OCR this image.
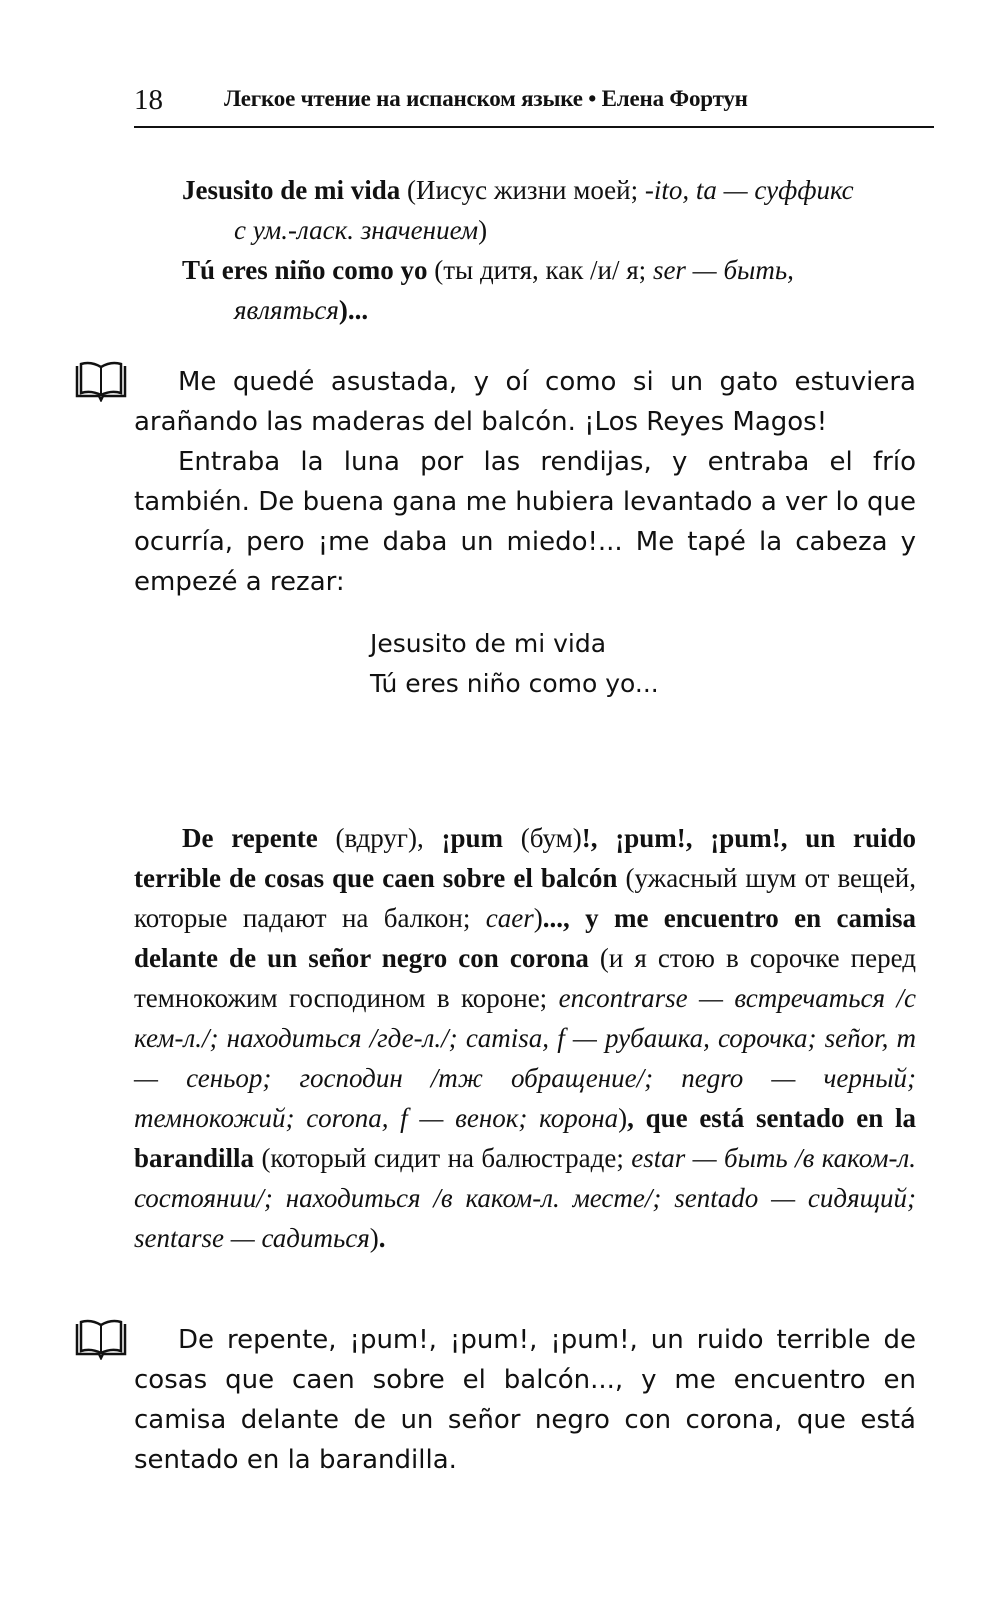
18	Легкое чтение на испанском языке • Елена Фортун

Jesusito de mi vida (Иисус жизни моей; -ito, ta — суффикс с ум.-ласк. значением)

Tú eres niño como yo (ты дитя, как /и/ я; ser — быть, являться)...

Me quedé asustada, y oí como si un gato estuviera arañando las maderas del balcón. ¡Los Reyes Magos!

Entraba la luna por las rendijas, y entraba el frío también. De buena gana me hubiera levantado a ver lo que ocurría, pero ¡me daba un miedo!... Me tapé la cabeza y empezé a rezar:

Jesusito de mi vida
Tú eres niño como yo...

De repente (вдруг), ¡pum (бум)!, ¡pum!, ¡pum!, un ruido terrible de cosas que caen sobre el balcón (ужасный шум от вещей, которые падают на балкон; caer)..., y me encuentro en camisa delante de un señor negro con corona (и я стою в сорочке перед темнокожим господином в короне; encontrarse — встречаться /с кем-л./; находиться /где-л./; camisa, f — рубашка, сорочка; señor, m — сеньор; господин /тж обращение/; negro — черный; темнокожий; corona, f — венок; корона), que está sentado en la barandilla (который сидит на балюстраде; estar — быть /в каком-л. состоянии/; находиться /в каком-л. месте/; sentado — сидящий; sentarse — садиться).

De repente, ¡pum!, ¡pum!, ¡pum!, un ruido terrible de cosas que caen sobre el balcón..., y me encuentro en camisa delante de un señor negro con corona, que está sentado en la barandilla.
